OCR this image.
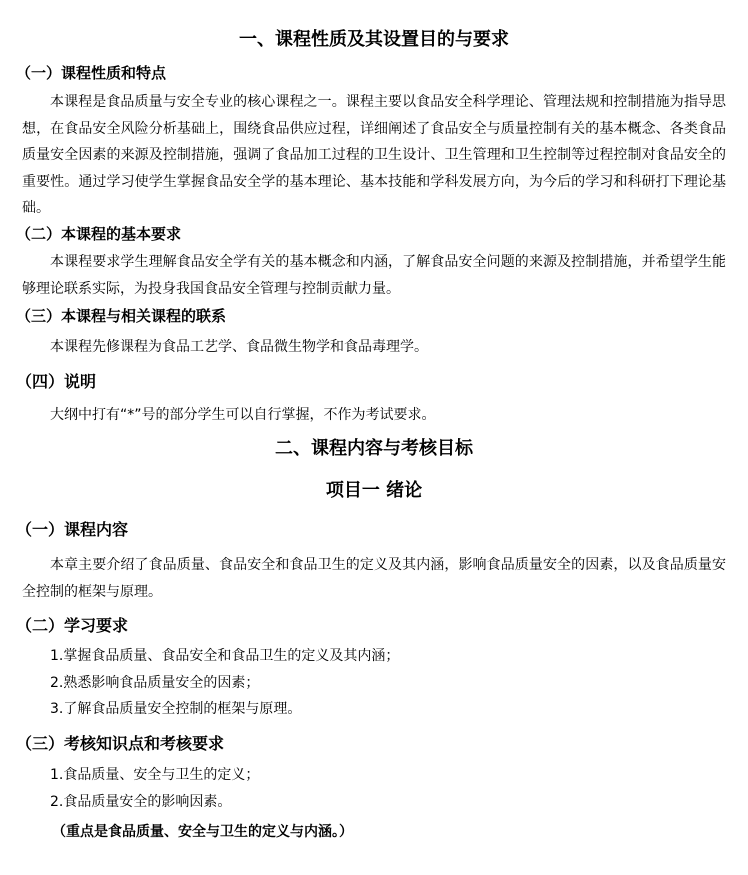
一、课程性质及其设置目的与要求
（一）课程性质和特点

本课程是食品质量与安全专业的核心课程之一。课程主要以食品安全科学理论、管理法规和控制措施为指导思想，在食品安全风险分析基础上，围绕食品供应过程，详细阐述了食品安全与质量控制有关的基本概念、各类食品质量安全因素的来源及控制措施，强调了食品加工过程的卫生设计、卫生管理和卫生控制等过程控制对食品安全的重要性。通过学习使学生掌握食品安全学的基本理论、基本技能和学科发展方向，为今后的学习和科研打下理论基础。

（二）本课程的基本要求

本课程要求学生理解食品安全学有关的基本概念和内涵，了解食品安全问题的来源及控制措施，并希望学生能够理论联系实际，为投身我国食品安全管理与控制贡献力量。

（三）本课程与相关课程的联系
本课程先修课程为食品工艺学、食品微生物学和食品毒理学。
（四）说明
大纲中打有“*”号的部分学生可以自行掌握，不作为考试要求。
二、课程内容与考核目标
项目一 绪论
（一）课程内容

本章主要介绍了食品质量、食品安全和食品卫生的定义及其内涵，影响食品质量安全的因素，以及食品质量安全控制的框架与原理。

（二）学习要求
1.掌握食品质量、食品安全和食品卫生的定义及其内涵；
2.熟悉影响食品质量安全的因素；
3.了解食品质量安全控制的框架与原理。
（三）考核知识点和考核要求
1.食品质量、安全与卫生的定义；
2.食品质量安全的影响因素。
（重点是食品质量、安全与卫生的定义与内涵。）
